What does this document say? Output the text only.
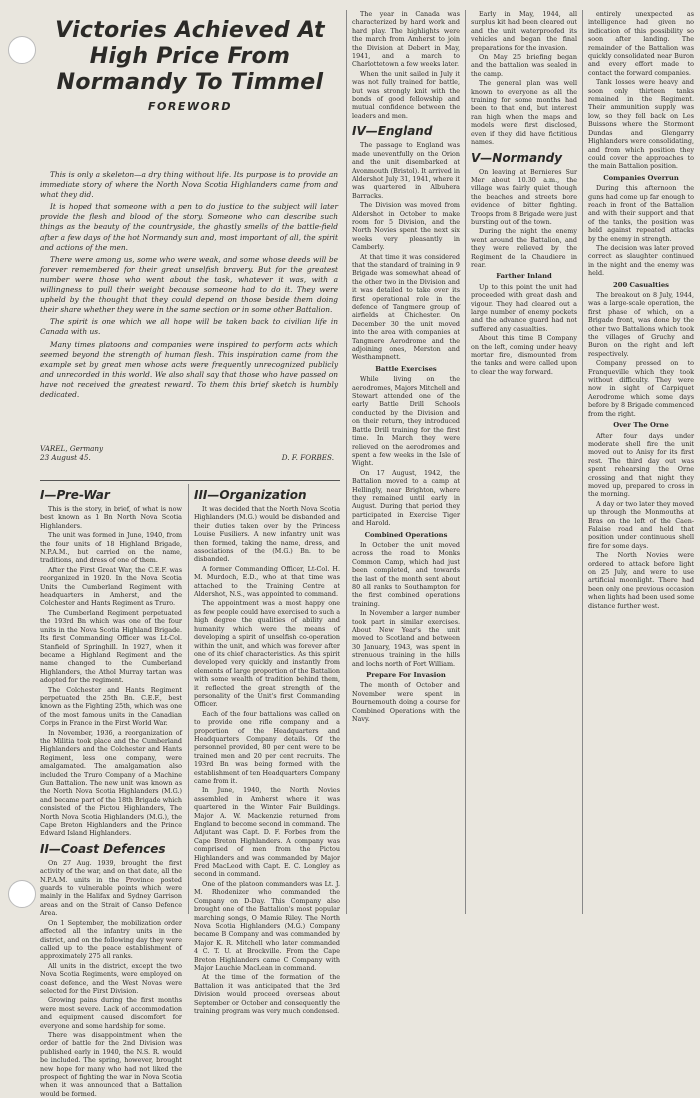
Victories Achieved At High Price From Normandy To Timmel

FOREWORD

This is only a skeleton—a dry thing without life. Its purpose is to provide an immediate story of where the North Nova Scotia Highlanders came from and what they did.

It is hoped that someone with a pen to do justice to the subject will later provide the flesh and blood of the story. Someone who can describe such things as the beauty of the countryside, the ghastly smells of the battle-field after a few days of the hot Normandy sun and, most important of all, the spirit and actions of the men.

There were among us, some who were weak, and some whose deeds will be forever remembered for their great unselfish bravery. But for the greatest number were those who went about the task, whatever it was, with a willingness to pull their weight because someone had to do it. They were upheld by the thought that they could depend on those beside them doing their share whether they were in the same section or in some other Battalion.

The spirit is one which we all hope will be taken back to civilian life in Canada with us.

Many times platoons and companies were inspired to perform acts which seemed beyond the strength of human flesh. This inspiration came from the example set by great men whose acts were frequently unrecognized publicly and unrecorded in this world. We also shall say that those who have passed on have not received the greatest reward. To them this brief sketch is humbly dedicated.

VAREL, Germany
23 August 45.	D. F. FORBES.
I—Pre-War

This is the story, in brief, of what is now best known as 1 Bn North Nova Scotia Highlanders.

The unit was formed in June, 1940, from the four units of 18 Highland Brigade, N.P.A.M., but carried on the name, traditions, and dress of one of them.

After the First Great War, the C.E.F. was reorganized in 1920. In the Nova Scotia Units the Cumberland Regiment with headquarters in Amherst, and the Colchester and Hants Regiment as Truro.

The Cumberland Regiment perpetuated the 193rd Bn which was one of the four units in the Nova Scotia Highland Brigade. Its first Commanding Officer was Lt-Col. Stanfield of Springhill. In 1927, when it became a Highland Regiment and the name changed to the Cumberland Highlanders, the Athol Murray tartan was adopted for the regiment.

The Colchester and Hants Regiment perpetuated the 25th Bn. C.E.F., best known as the Fighting 25th, which was one of the most famous units in the Canadian Corps in France in the First World War.

In November, 1936, a reorganization of the Militia took place and the Cumberland Highlanders and the Colchester and Hants Regiment, less one company, were amalgamated. The amalgamation also included the Truro Company of a Machine Gun Battalion. The new unit was known as the North Nova Scotia Highlanders (M.G.) and became part of the 18th Brigade which consisted of the Pictou Highlanders, The North Nova Scotia Highlanders (M.G.), the Cape Breton Highlanders and the Prince Edward Island Highlanders.

II—Coast Defences

On 27 Aug. 1939, brought the first activity of the war, and on that date, all the N.P.A.M. units in the Province posted guards to vulnerable points which were mainly in the Halifax and Sydney Garrison areas and on the Strait of Canso Defence Area.

On 1 September, the mobilization order affected all the infantry units in the district, and on the following day they were called up to the peace establishment of approximately 275 all ranks.

All units in the district, except the two Nova Scotia Regiments, were employed on coast defence, and the West Novas were selected for the First Division.

Growing pains during the first months were most severe. Lack of accommodation and equipment caused discomfort for everyone and some hardship for some.

There was disappointment when the order of battle for the 2nd Division was published early in 1940, the N.S. R. would be included. The spring, however, brought new hope for many who had not liked the prospect of fighting the war in Nova Scotia when it was announced that a Battalion would be formed.

III—Organization

It was decided that the North Nova Scotia Highlanders (M.G.) would be disbanded and their duties taken over by the Princess Louise Fusiliers. A new infantry unit was then formed, taking the name, dress, and associations of the (M.G.) Bn. to be disbanded.

A former Commanding Officer, Lt-Col. H. M. Murdoch, E.D., who at that time was attached to the Training Centre at Aldershot, N.S., was appointed to command.

The appointment was a most happy one as few people could have exercised to such a high degree the qualities of ability and humanity which were the means of developing a spirit of unselfish co-operation within the unit, and which was forever after one of its chief characteristics. As this spirit developed very quickly and instantly from elements of large proportion of the Battalion with some wealth of tradition behind them, it reflected the great strength of the personality of the Unit's first Commanding Officer.

Each of the four battalions was called on to provide one rifle company and a proportion of the Headquarters and Headquarters Company details. Of the personnel provided, 80 per cent were to be trained men and 20 per cent recruits. The 193rd Bn was being formed with the establishment of ten Headquarters Company came from it.

In June, 1940, the North Novies assembled in Amherst where it was quartered in the Winter Fair Buildings. Major A. W. Mackenzie returned from England to become second in command. The Adjutant was Capt. D. F. Forbes from the Cape Breton Highlanders. A company was comprised of men from the Pictou Highlanders and was commanded by Major Fred MacLeod with Capt. E. C. Longley as second in command.

One of the platoon commanders was Lt. J. M. Rhodenizer who commanded the Company on D-Day. This Company also brought one of the Battalion's most popular marching songs, O Mamie Riley. The North Nova Scotia Highlanders (M.G.) Company became B Company and was commanded by Major K. R. Mitchell who later commanded 4 C. T. U. at Brockville. From the Cape Breton Highlanders came C Company with Major Lauchie MacLean in command.

At the time of the formation of the Battalion it was anticipated that the 3rd Division would proceed overseas about September or October and consequently the training program was very much condensed.

The year in Canada was characterized by hard work and hard play. The highlights were the march from Amherst to join the Division at Debert in May, 1941, and a march to Charlottetown a few weeks later.

When the unit sailed in July it was not fully trained for battle, but was strongly knit with the bonds of good fellowship and mutual confidence between the leaders and men.

IV—England

The passage to England was made uneventfully on the Orion and the unit disembarked at Avonmouth (Bristol). It arrived in Aldershot July 31, 1941, where it was quartered in Albuhera Barracks.

The Division was moved from Aldershot in October to make room for 5 Division, and the North Novies spent the next six weeks very pleasantly in Camberly.

At that time it was considered that the standard of training in 9 Brigade was somewhat ahead of the other two in the Division and it was detailed to take over its first operational role in the defence of Tangmere group of airfields at Chichester. On December 30 the unit moved into the area with companies at Tangmere Aerodrome and the adjoining ones, Merston and Westhampnett.

Battle Exercises

While living on the aerodromes, Majors Mitchell and Stewart attended one of the early Battle Drill Schools conducted by the Division and on their return, they introduced Battle Drill training for the first time. In March they were relieved on the aerodromes and spent a few weeks in the Isle of Wight.

On 17 August, 1942, the Battalion moved to a camp at Hellingly, near Brighton, where they remained until early in August. During that period they participated in Exercise Tiger and Harold.

Combined Operations

In October the unit moved across the road to Monks Common Camp, which had just been completed, and towards the last of the month sent about 80 all ranks to Southampton for the first combined operations training.

In November a larger number took part in similar exercises. About New Year's the unit moved to Scotland and between 30 January, 1943, was spent in strenuous training in the hills and lochs north of Fort William.

Prepare For Invasion

The month of October and November were spent in Bournemouth doing a course for Combined Operations with the Navy.

Early in May, 1944, all surplus kit had been cleared out and the unit waterproofed its vehicles and began the final preparations for the invasion.

On May 25 briefing began and the battalion was sealed in the camp.

The general plan was well known to everyone as all the training for some months had been to that end, but interest ran high when the maps and models were first disclosed, even if they did have fictitious names.

V—Normandy

On leaving at Bernieres Sur Mer about 10.30 a.m., the village was fairly quiet though the beaches and streets bore evidence of bitter fighting. Troops from 8 Brigade were just bursting out of the town.

During the night the enemy went around the Battalion, and they were relieved by the Regiment de la Chaudiere in rear.

Farther Inland

Up to this point the unit had proceeded with great dash and vigour. They had cleared out a large number of enemy pockets and the advance guard had not suffered any casualties.

About this time B Company on the left, coming under heavy mortar fire, dismounted from the tanks and were called upon to clear the way forward.

entirely unexpected as intelligence had given no indication of this possibility so soon after landing. The remainder of the Battalion was quickly consolidated near Buron and every effort made to contact the forward companies.

Tank losses were heavy and soon only thirteen tanks remained in the Regiment. Their ammunition supply was low, so they fell back on Les Buissons where the Stormont Dundas and Glengarry Highlanders were consolidating, and from which position they could cover the approaches to the main Battalion position.

Companies Overrun

During this afternoon the guns had come up far enough to reach in front of the Battalion and with their support and that of the tanks, the position was held against repeated attacks by the enemy in strength.

The decision was later proved correct as slaughter continued in the night and the enemy was held.

200 Casualties

The breakout on 8 July, 1944, was a large-scale operation, the first phase of which, on a Brigade front, was done by the other two Battalions which took the villages of Gruchy and Buron on the right and left respectively.

Company pressed on to Franqueville which they took without difficulty. They were now in sight of Carpiquet Aerodrome which some days before by 8 Brigade commenced from the right.

Over The Orne

After four days under moderate shell fire the unit moved out to Anisy for its first rest. The third day out was spent rehearsing the Orne crossing and that night they moved up, prepared to cross in the morning.

A day or two later they moved up through the Monmouths at Bras on the left of the Caen-Falaise road and held that position under continuous shell fire for some days.

The North Novies were ordered to attack before light on 25 July, and were to use artificial moonlight. There had been only one previous occasion when lights had been used some distance further west.
